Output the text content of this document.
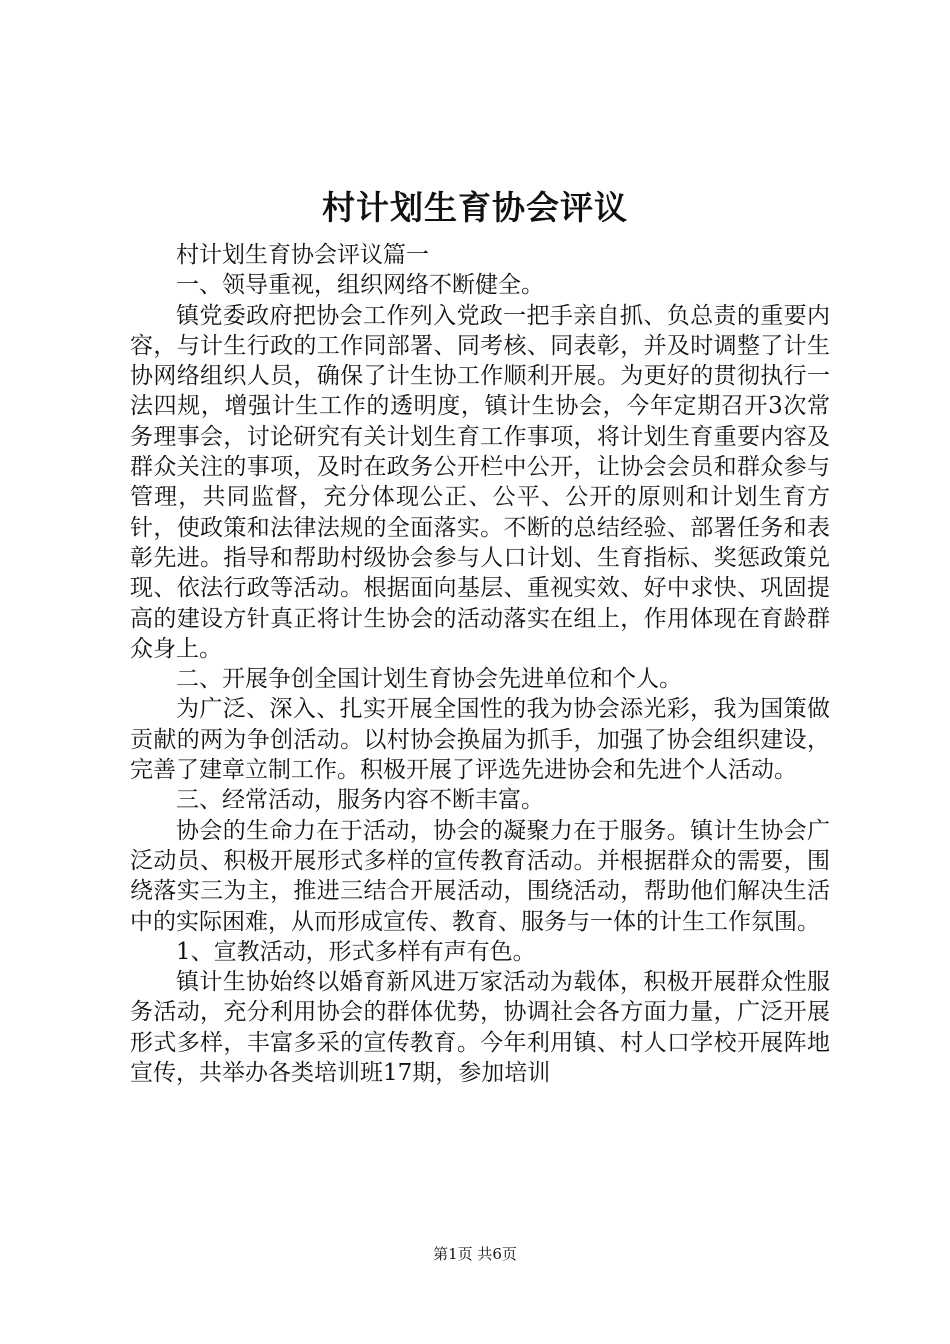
村计划生育协会评议

村计划生育协会评议篇一

一、领导重视，组织网络不断健全。

镇党委政府把协会工作列入党政一把手亲自抓、负总责的重要内容，与计生行政的工作同部署、同考核、同表彰，并及时调整了计生协网络组织人员，确保了计生协工作顺利开展。为更好的贯彻执行一法四规，增强计生工作的透明度，镇计生协会，今年定期召开3次常务理事会，讨论研究有关计划生育工作事项，将计划生育重要内容及群众关注的事项，及时在政务公开栏中公开，让协会会员和群众参与管理，共同监督，充分体现公正、公平、公开的原则和计划生育方针，使政策和法律法规的全面落实。不断的总结经验、部署任务和表彰先进。指导和帮助村级协会参与人口计划、生育指标、奖惩政策兑现、依法行政等活动。根据面向基层、重视实效、好中求快、巩固提高的建设方针真正将计生协会的活动落实在组上，作用体现在育龄群众身上。

二、开展争创全国计划生育协会先进单位和个人。

为广泛、深入、扎实开展全国性的我为协会添光彩，我为国策做贡献的两为争创活动。以村协会换届为抓手，加强了协会组织建设，完善了建章立制工作。积极开展了评选先进协会和先进个人活动。

三、经常活动，服务内容不断丰富。

协会的生命力在于活动，协会的凝聚力在于服务。镇计生协会广泛动员、积极开展形式多样的宣传教育活动。并根据群众的需要，围绕落实三为主，推进三结合开展活动，围绕活动，帮助他们解决生活中的实际困难，从而形成宣传、教育、服务与一体的计生工作氛围。

1、宣教活动，形式多样有声有色。

镇计生协始终以婚育新风进万家活动为载体，积极开展群众性服务活动，充分利用协会的群体优势，协调社会各方面力量，广泛开展形式多样，丰富多采的宣传教育。今年利用镇、村人口学校开展阵地宣传，共举办各类培训班17期，参加培训

第1页 共6页
